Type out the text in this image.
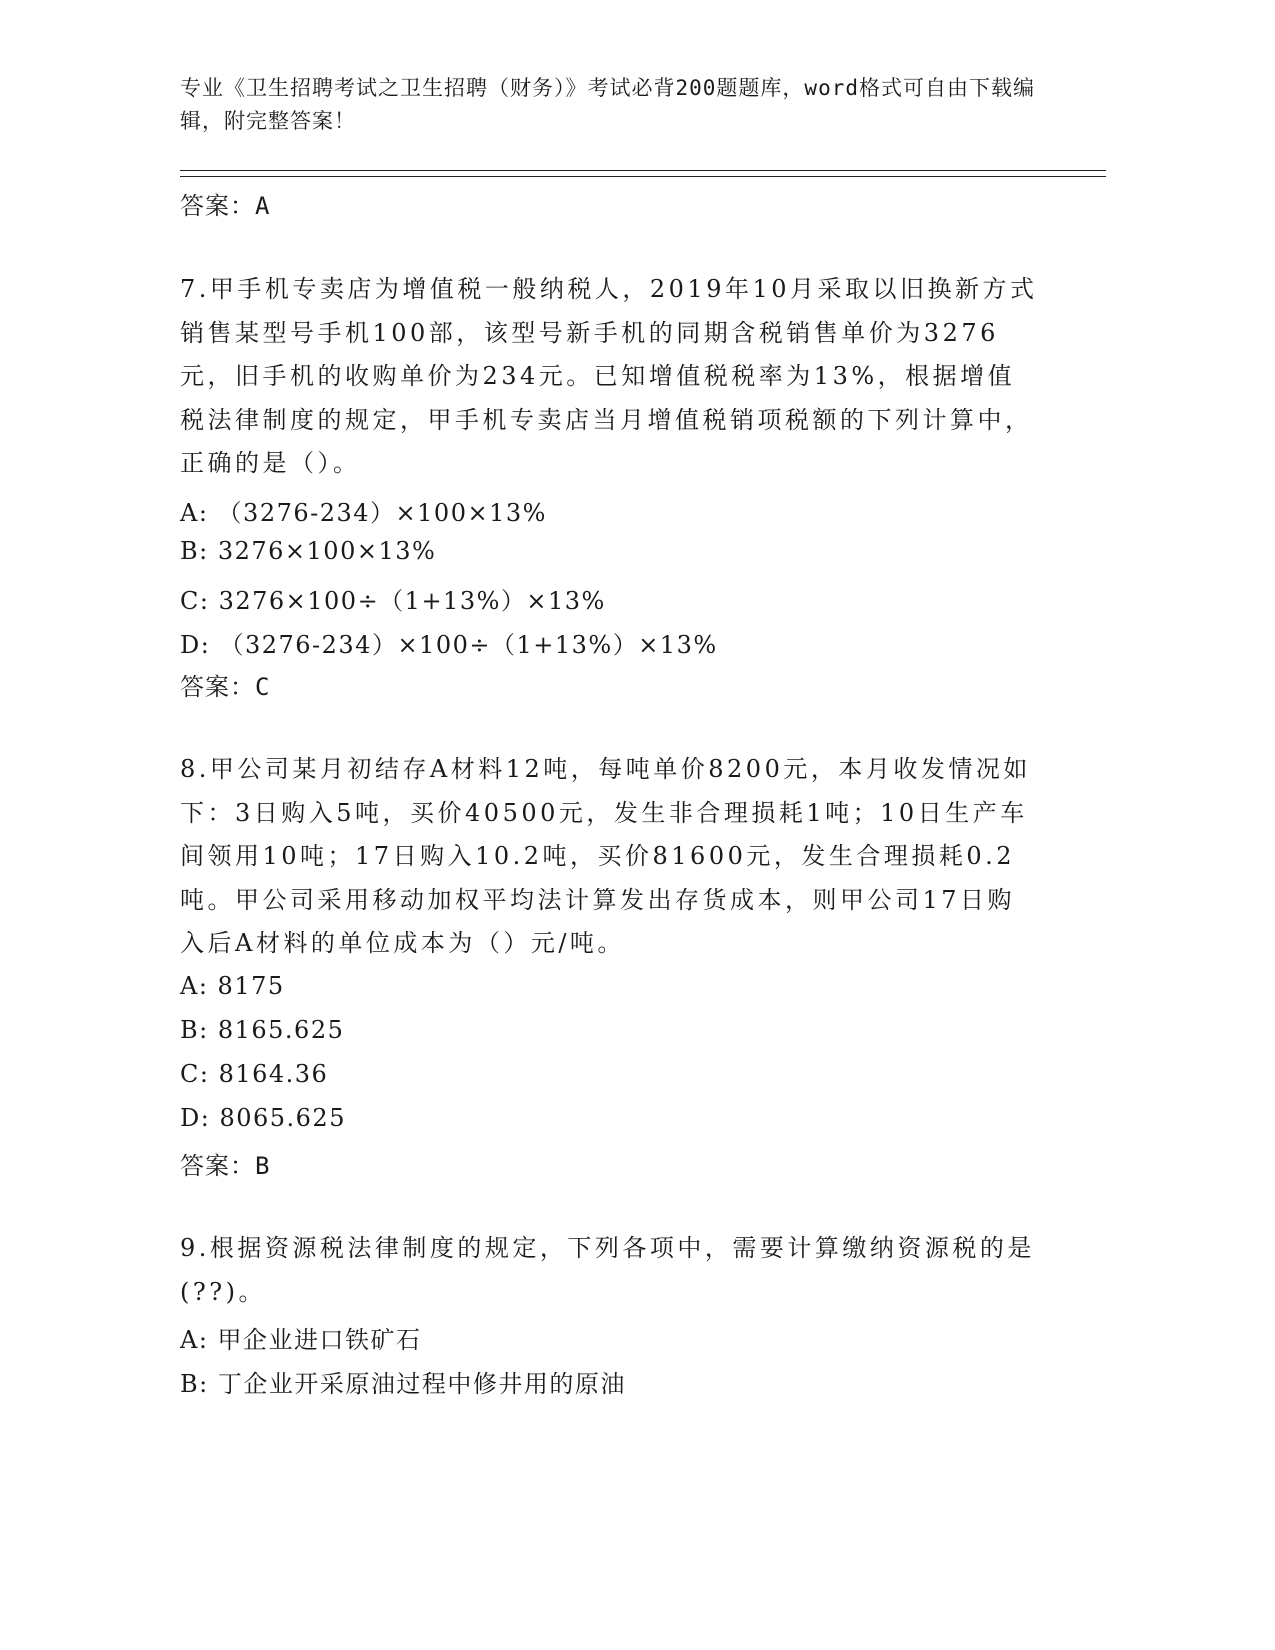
专业《卫生招聘考试之卫生招聘（财务）》考试必背200题题库，word格式可自由下载编辑，附完整答案！
答案：A
7.甲手机专卖店为增值税一般纳税人，2019年10月采取以旧换新方式销售某型号手机100部，该型号新手机的同期含税销售单价为3276元，旧手机的收购单价为234元。已知增值税税率为13%，根据增值税法律制度的规定，甲手机专卖店当月增值税销项税额的下列计算中，正确的是（）。
A: （3276-234）×100×13%
B: 3276×100×13%
C: 3276×100÷（1+13%）×13%
D: （3276-234）×100÷（1+13%）×13%
答案：C
8.甲公司某月初结存A材料12吨，每吨单价8200元，本月收发情况如下：3日购入5吨，买价40500元，发生非合理损耗1吨；10日生产车间领用10吨；17日购入10.2吨，买价81600元，发生合理损耗0.2吨。甲公司采用移动加权平均法计算发出存货成本，则甲公司17日购入后A材料的单位成本为（）元/吨。
A: 8175
B: 8165.625
C: 8164.36
D: 8065.625
答案：B
9.根据资源税法律制度的规定，下列各项中，需要计算缴纳资源税的是(??)。
A: 甲企业进口铁矿石
B: 丁企业开采原油过程中修井用的原油
